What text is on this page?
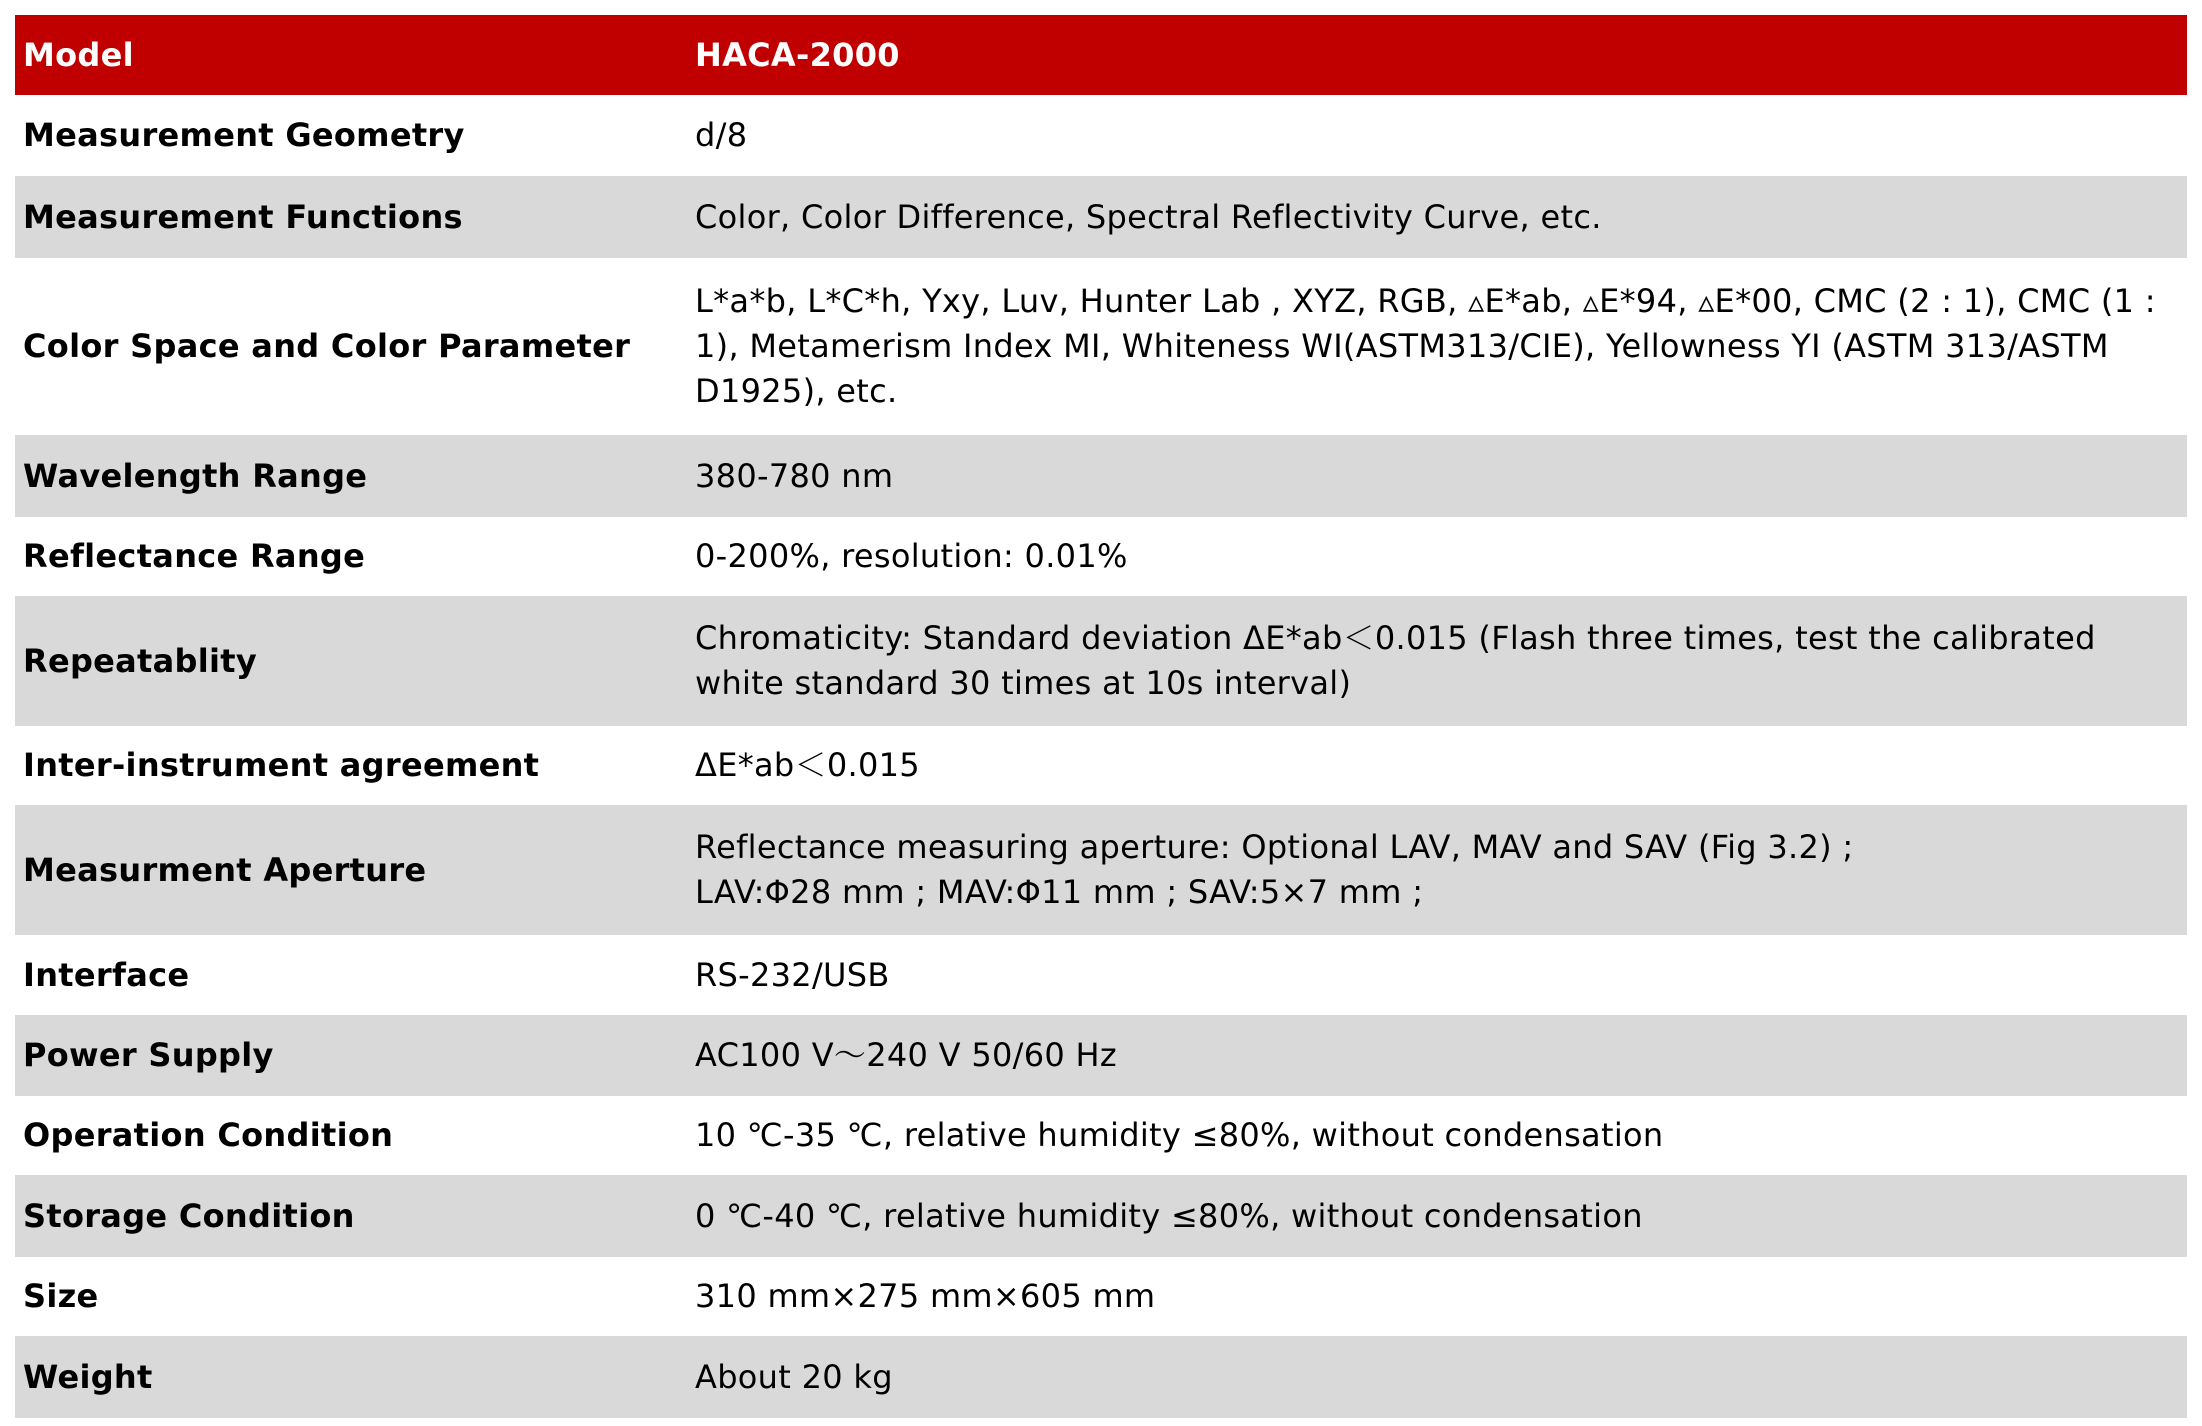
Model	HACA-2000
Measurement Geometry	d/8
Measurement Functions	Color, Color Difference, Spectral Reflectivity Curve, etc.
Color Space and Color Parameter	L*a*b, L*C*h, Yxy, Luv, Hunter Lab , XYZ, RGB, ▵E*ab, ▵E*94, ▵E*00, CMC (2 : 1), CMC (1 : 1), Metamerism Index MI, Whiteness WI(ASTM313/CIE), Yellowness YI (ASTM 313/ASTM D1925), etc.
Wavelength Range	380-780 nm
Reflectance Range	0-200%, resolution: 0.01%
Repeatablity	Chromaticity: Standard deviation ΔE*ab＜0.015 (Flash three times, test the calibrated white standard 30 times at 10s interval)
Inter-instrument agreement	ΔE*ab＜0.015
Measurment Aperture	Reflectance measuring aperture: Optional LAV, MAV and SAV (Fig 3.2) ;
LAV:Φ28 mm ; MAV:Φ11 mm ; SAV:5×7 mm ;

Interface	RS-232/USB
Power Supply	AC100 V～240 V 50/60 Hz
Operation Condition	10 ℃-35 ℃, relative humidity ≤80%, without condensation
Storage Condition	0 ℃-40 ℃, relative humidity ≤80%, without condensation
Size	310 mm×275 mm×605 mm
Weight	About 20 kg
